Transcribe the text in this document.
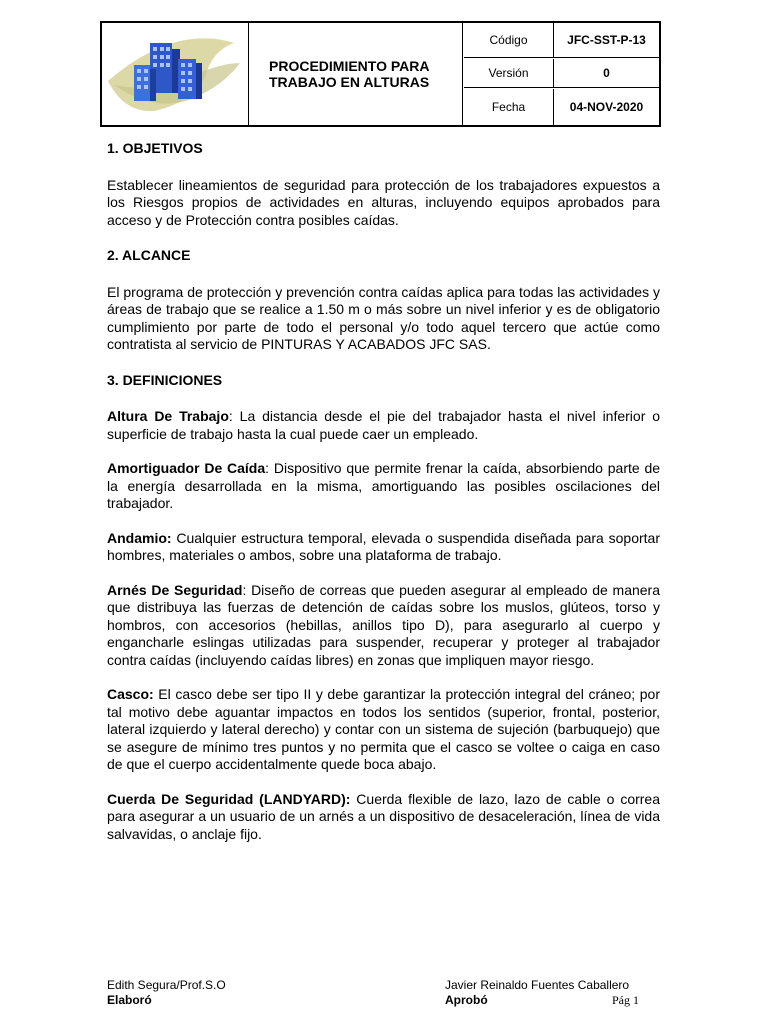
PROCEDIMIENTO PARA
TRABAJO EN ALTURAS
Código	JFC-SST-P-13
Versión	0
Fecha	04-NOV-2020

1. OBJETIVOS

Establecer lineamientos de seguridad para protección de los trabajadores expuestos a los Riesgos propios de actividades en alturas, incluyendo equipos aprobados para acceso y de Protección contra posibles caídas.

2. ALCANCE

El programa de protección y prevención contra caídas aplica para todas las actividades y áreas de trabajo que se realice a 1.50 m o más sobre un nivel inferior y es de obligatorio cumplimiento por parte de todo el personal y/o todo aquel tercero que actúe como contratista al servicio de PINTURAS Y ACABADOS JFC SAS.

3. DEFINICIONES

Altura De Trabajo: La distancia desde el pie del trabajador hasta el nivel inferior o superficie de trabajo hasta la cual puede caer un empleado.

Amortiguador De Caída: Dispositivo que permite frenar la caída, absorbiendo parte de la energía desarrollada en la misma, amortiguando las posibles oscilaciones del trabajador.

Andamio: Cualquier estructura temporal, elevada o suspendida diseñada para soportar hombres, materiales o ambos, sobre una plataforma de trabajo.

Arnés De Seguridad: Diseño de correas que pueden asegurar al empleado de manera que distribuya las fuerzas de detención de caídas sobre los muslos, glúteos, torso y hombros, con accesorios (hebillas, anillos tipo D), para asegurarlo al cuerpo y engancharle eslingas utilizadas para suspender, recuperar y proteger al trabajador contra caídas (incluyendo caídas libres) en zonas que impliquen mayor riesgo.

Casco: El casco debe ser tipo II y debe garantizar la protección integral del cráneo; por tal motivo debe aguantar impactos en todos los sentidos (superior, frontal, posterior, lateral izquierdo y lateral derecho) y contar con un sistema de sujeción (barbuquejo) que se asegure de mínimo tres puntos y no permita que el casco se voltee o caiga en caso de que el cuerpo accidentalmente quede boca abajo.

Cuerda De Seguridad (LANDYARD): Cuerda flexible de lazo, lazo de cable o correa para asegurar a un usuario de un arnés a un dispositivo de desaceleración, línea de vida salvavidas, o anclaje fijo.

Edith Segura/Prof.S.O
Elaboró
Javier Reinaldo Fuentes Caballero
Aprobó	Pág 1
